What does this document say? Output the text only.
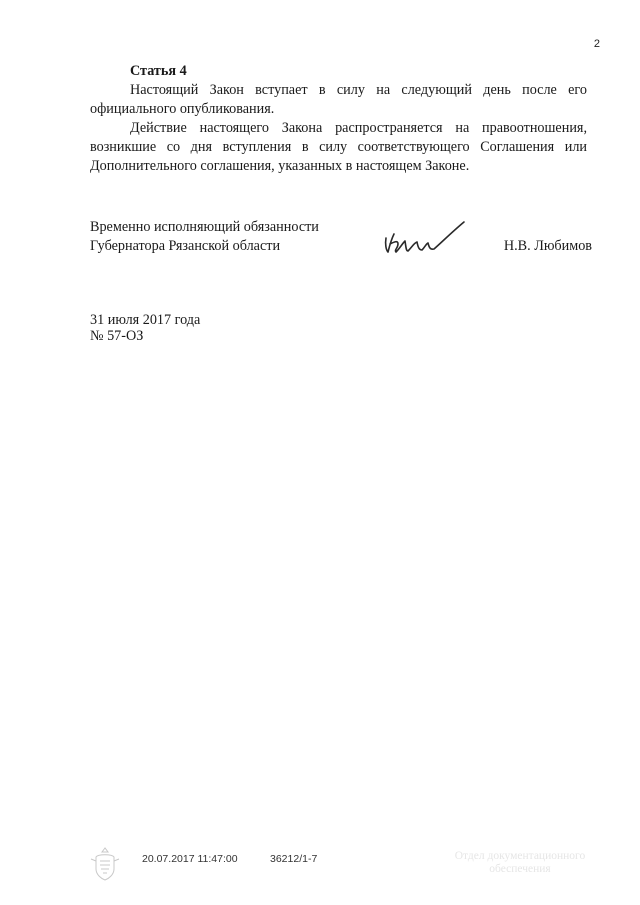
2
Статья 4

Настоящий Закон вступает в силу на следующий день после его официального опубликования.

Действие настоящего Закона распространяется на правоотношения, возникшие со дня вступления в силу соответствующего Соглашения или Дополнительного соглашения, указанных в настоящем Законе.

Временно исполняющий обязанности
Губернатора Рязанской области	Н.В. Любимов
31 июля 2017 года
№ 57-ОЗ
20.07.2017 11:47:00	36212/1-7	Отдел документационного
обеспечения
